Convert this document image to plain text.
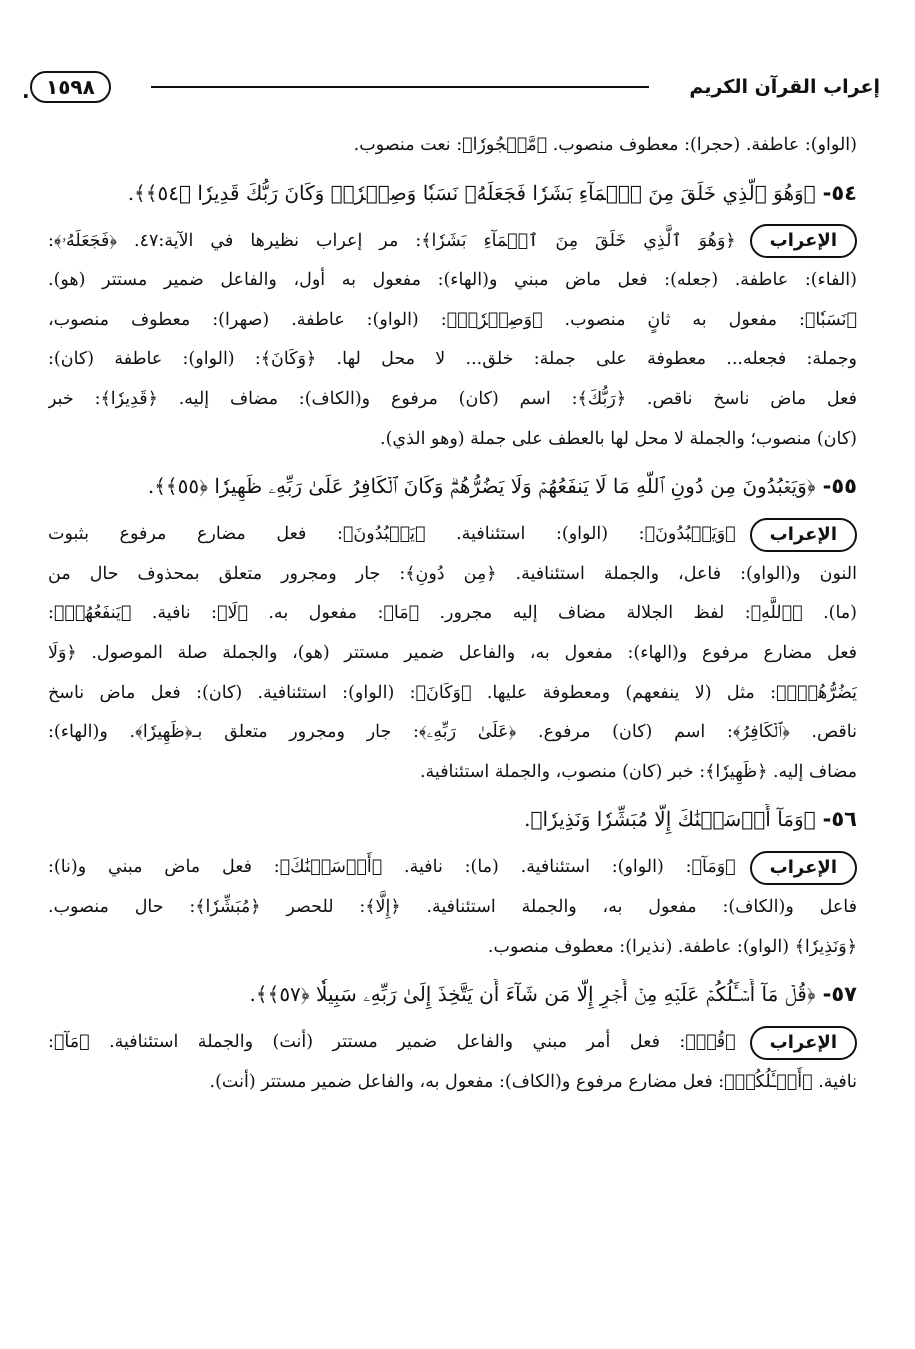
إعراب القرآن الكريم
١٥٩٨ .
(الواو): عاطفة. (حجرا): معطوف منصوب. ﴿مَّحۡجُورٗا﴾: نعت منصوب.
٥٤- ﴿وَهُوَ ٱلَّذِي خَلَقَ مِنَ ٱلۡمَآءِ بَشَرٗا فَجَعَلَهُۥ نَسَبٗا وَصِهۡرٗاۗ وَكَانَ رَبُّكَ قَدِيرٗا ﴿٥٤﴾﴾.
الإعراب
﴿وَهُوَ ٱلَّذِي خَلَقَ مِنَ ٱلۡمَآءِ بَشَرٗا﴾: مر إعراب نظيرها في الآية:٤٧. ﴿فَجَعَلَهُۥ﴾:
(الفاء): عاطفة. (جعله): فعل ماض مبني و(الهاء): مفعول به أول، والفاعل ضمير مستتر (هو).
﴿نَسَبٗا﴾: مفعول به ثانٍ منصوب. ﴿وَصِهۡرٗاۗ﴾: (الواو): عاطفة. (صهرا): معطوف منصوب،
وجملة: فجعله... معطوفة على جملة: خلق... لا محل لها. ﴿وَكَانَ﴾: (الواو): عاطفة (كان):
فعل ماض ناسخ ناقص. ﴿رَبُّكَ﴾: اسم (كان) مرفوع و(الكاف): مضاف إليه. ﴿قَدِيرٗا﴾: خبر
(كان) منصوب؛ والجملة لا محل لها بالعطف على جملة (وهو الذي).
٥٥- ﴿وَيَعۡبُدُونَ مِن دُونِ ٱللَّهِ مَا لَا يَنفَعُهُمۡ وَلَا يَضُرُّهُمۡۗ وَكَانَ ٱلۡكَافِرُ عَلَىٰ رَبِّهِۦ ظَهِيرٗا ﴿٥٥﴾﴾.
الإعراب
﴿وَيَعۡبُدُونَ﴾: (الواو): استئنافية. ﴿يَعۡبُدُونَ﴾: فعل مضارع مرفوع بثبوت
النون و(الواو): فاعل، والجملة استئنافية. ﴿مِن دُونِ﴾: جار ومجرور متعلق بمحذوف حال من
(ما). ﴿ٱللَّهِ﴾: لفظ الجلالة مضاف إليه مجرور. ﴿مَا﴾: مفعول به. ﴿لَا﴾: نافية. ﴿يَنفَعُهُمۡ﴾:
فعل مضارع مرفوع و(الهاء): مفعول به، والفاعل ضمير مستتر (هو)، والجملة صلة الموصول. ﴿وَلَا
يَضُرُّهُمۡۗ﴾: مثل (لا ينفعهم) ومعطوفة عليها. ﴿وَكَانَ﴾: (الواو): استئنافية. (كان): فعل ماض ناسخ
ناقص. ﴿ٱلۡكَافِرُ﴾: اسم (كان) مرفوع. ﴿عَلَىٰ رَبِّهِۦ﴾: جار ومجرور متعلق بـ﴿ظَهِيرٗا﴾. و(الهاء):
مضاف إليه. ﴿ظَهِيرٗا﴾: خبر (كان) منصوب، والجملة استئنافية.
٥٦- ﴿وَمَآ أَرۡسَلۡنَٰكَ إِلَّا مُبَشِّرٗا وَنَذِيرٗا﴾.
الإعراب
﴿وَمَآ﴾: (الواو): استئنافية. (ما): نافية. ﴿أَرۡسَلۡنَٰكَ﴾: فعل ماض مبني و(نا):
فاعل و(الكاف): مفعول به، والجملة استئنافية. ﴿إِلَّا﴾: للحصر ﴿مُبَشِّرٗا﴾: حال منصوب.
﴿وَنَذِيرٗا﴾ (الواو): عاطفة. (نذيرا): معطوف منصوب.
٥٧- ﴿قُلۡ مَآ أَسۡـَٔلُكُمۡ عَلَيۡهِ مِنۡ أَجۡرٍ إِلَّا مَن شَآءَ أَن يَتَّخِذَ إِلَىٰ رَبِّهِۦ سَبِيلٗا ﴿٥٧﴾﴾.
الإعراب
﴿قُلۡ﴾: فعل أمر مبني والفاعل ضمير مستتر (أنت) والجملة استئنافية. ﴿مَآ﴾:
نافية. ﴿أَسۡـَٔلُكُمۡ﴾: فعل مضارع مرفوع و(الكاف): مفعول به، والفاعل ضمير مستتر (أنت).
